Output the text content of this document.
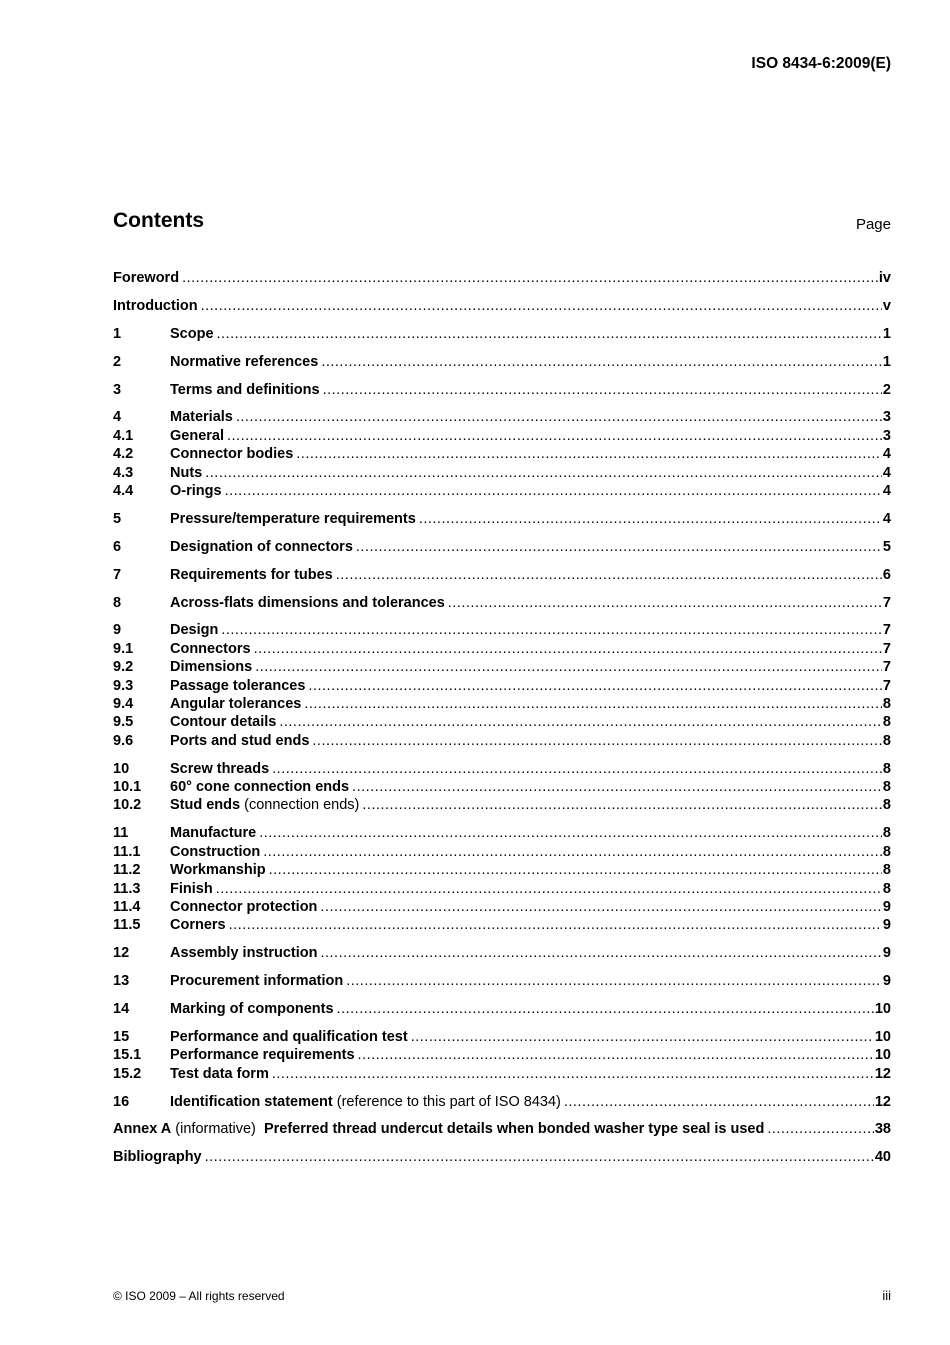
ISO 8434-6:2009(E)
Contents	Page
Foreword .....	iv
Introduction .....	v
1	Scope .....	1
2	Normative references .....	1
3	Terms and definitions .....	2
4	Materials .....	3
4.1	General .....	3
4.2	Connector bodies .....	4
4.3	Nuts .....	4
4.4	O-rings .....	4
5	Pressure/temperature requirements .....	4
6	Designation of connectors .....	5
7	Requirements for tubes .....	6
8	Across-flats dimensions and tolerances .....	7
9	Design .....	7
9.1	Connectors .....	7
9.2	Dimensions .....	7
9.3	Passage tolerances .....	7
9.4	Angular tolerances .....	8
9.5	Contour details .....	8
9.6	Ports and stud ends .....	8
10	Screw threads .....	8
10.1	60° cone connection ends .....	8
10.2	Stud ends (connection ends) .....	8
11	Manufacture .....	8
11.1	Construction .....	8
11.2	Workmanship .....	8
11.3	Finish .....	8
11.4	Connector protection .....	9
11.5	Corners .....	9
12	Assembly instruction .....	9
13	Procurement information .....	9
14	Marking of components .....	10
15	Performance and qualification test .....	10
15.1	Performance requirements .....	10
15.2	Test data form .....	12
16	Identification statement (reference to this part of ISO 8434) .....	12
Annex A (informative)  Preferred thread undercut details when bonded washer type seal is used .....	38
Bibliography .....	40
© ISO 2009 – All rights reserved	iii
